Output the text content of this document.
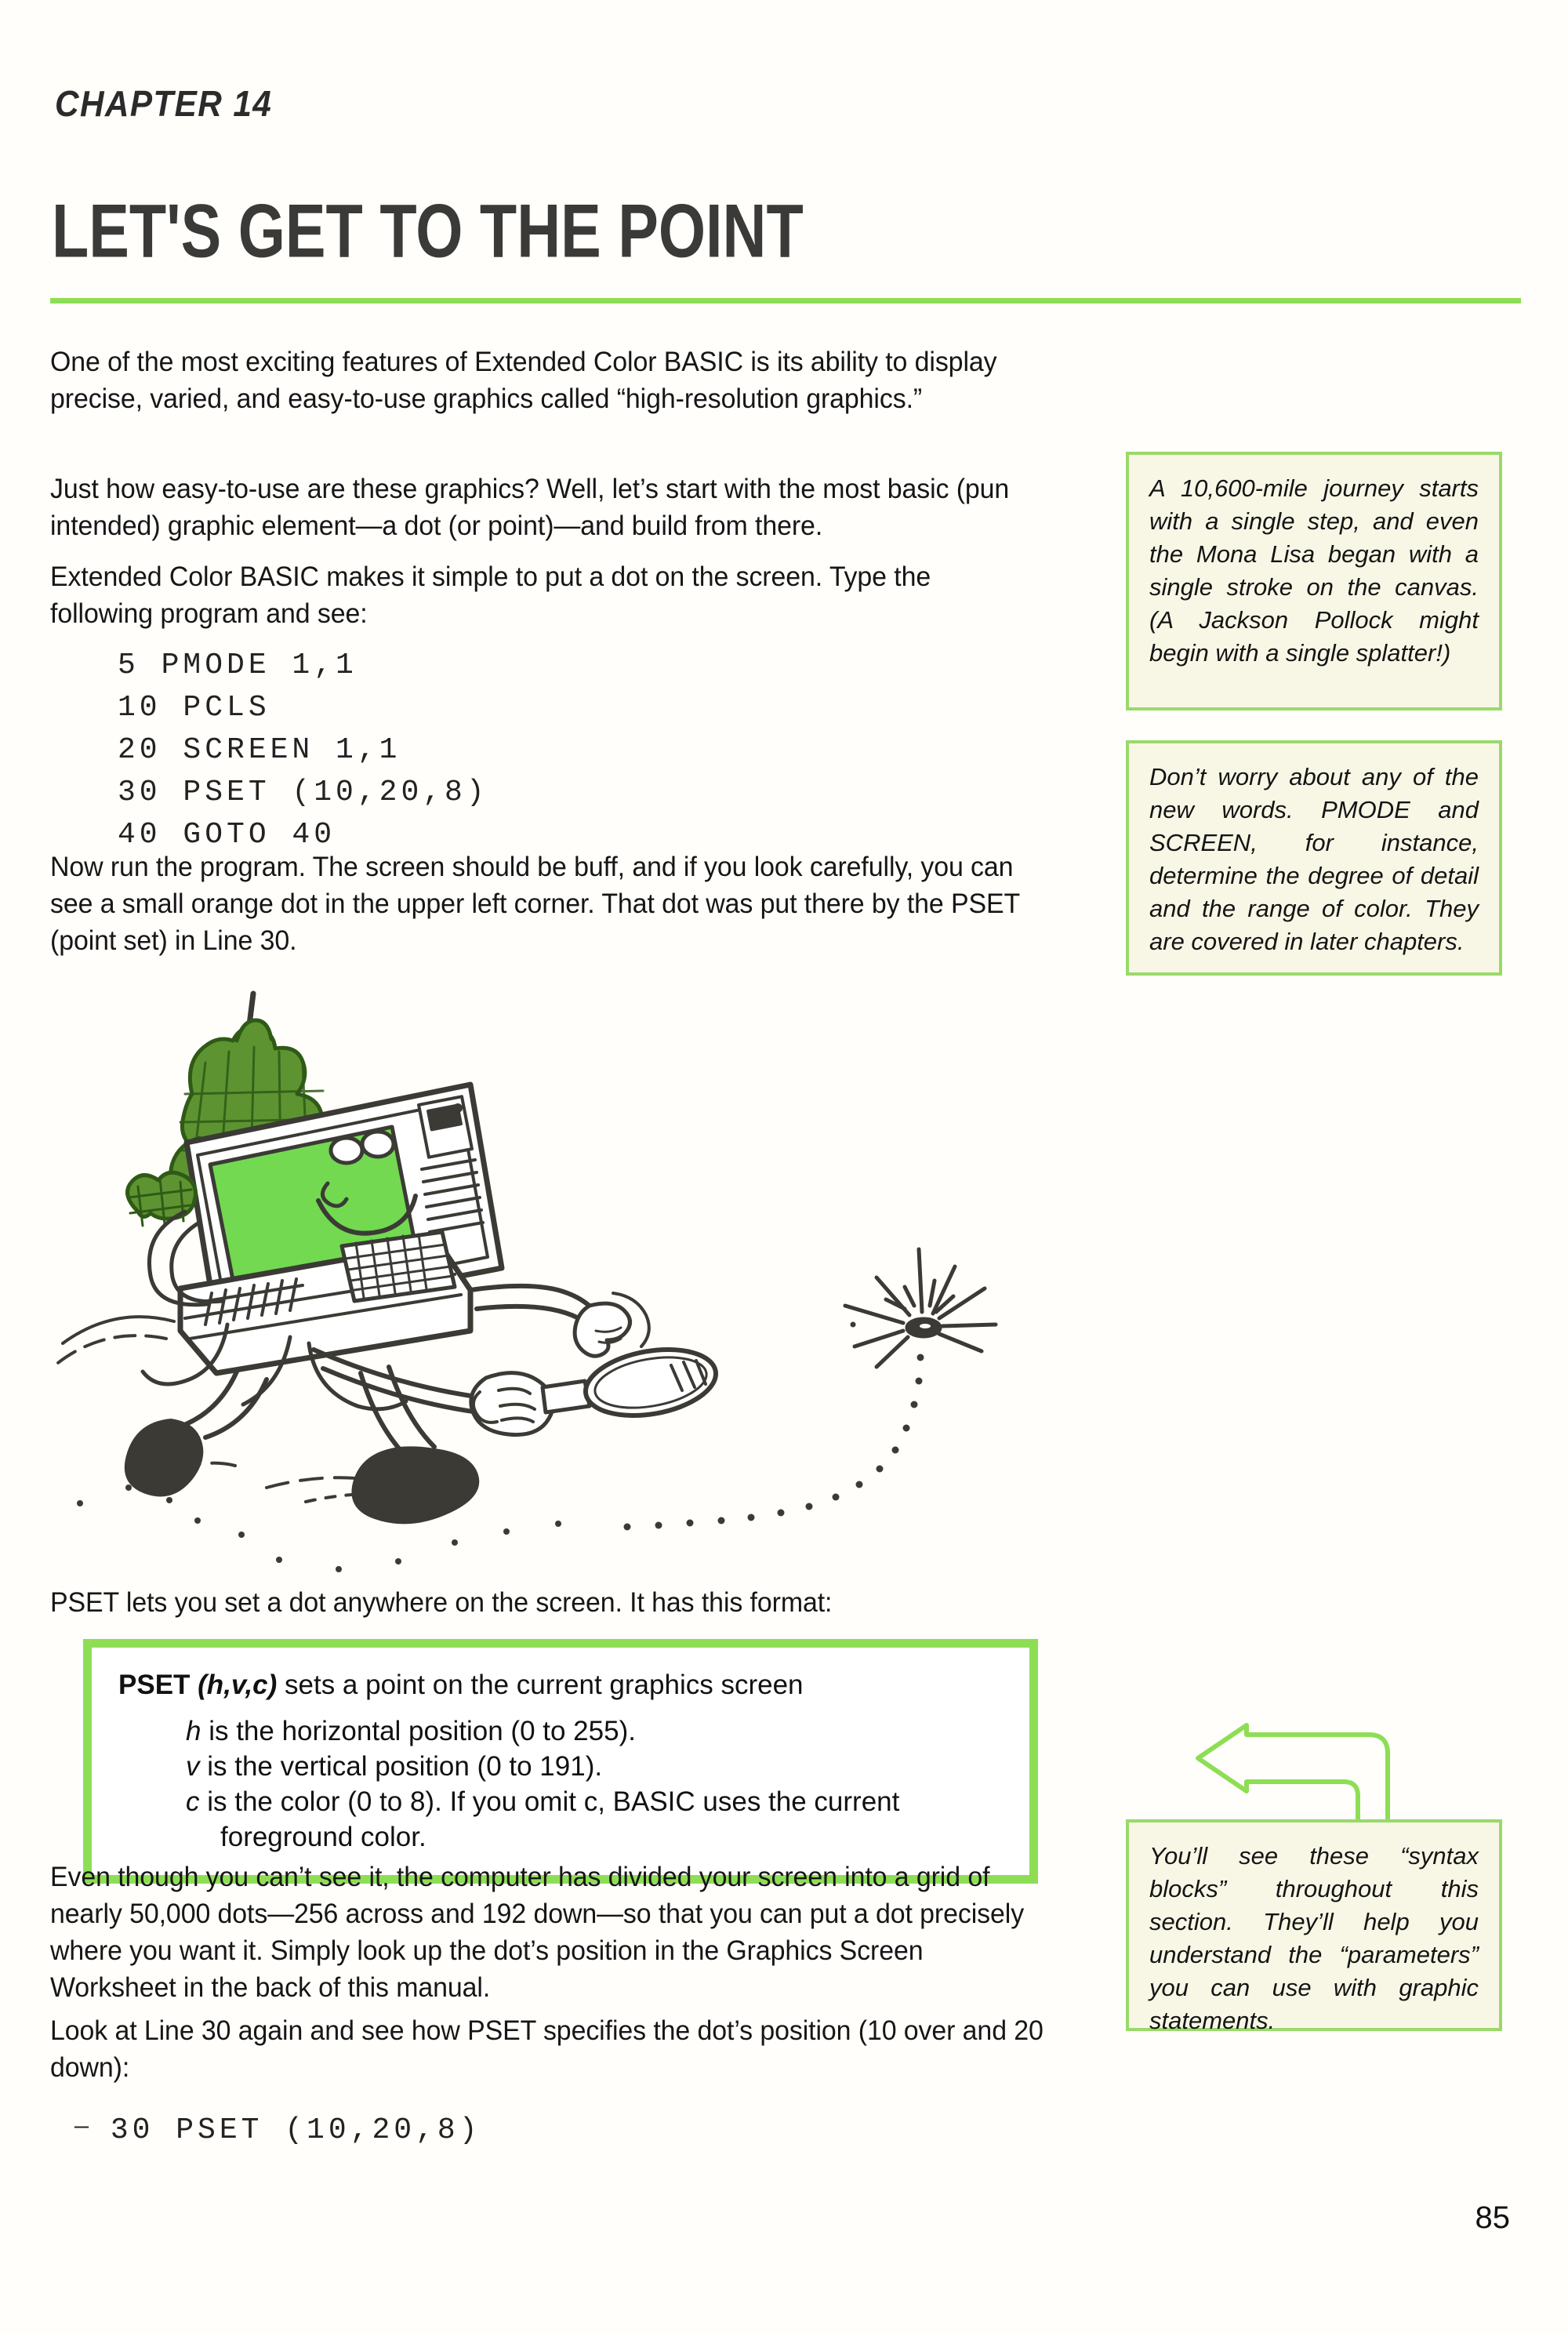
CHAPTER 14
LET'S GET TO THE POINT

One of the most exciting features of Extended Color BASIC is its ability to display precise, varied, and easy-to-use graphics called “high-resolution graphics.”

Just how easy-to-use are these graphics? Well, let’s start with the most basic (pun intended) graphic element—a dot (or point)—and build from there.

Extended Color BASIC makes it simple to put a dot on the screen. Type the following program and see:

5 PMODE 1,1
10 PCLS
20 SCREEN 1,1
30 PSET (10,20,8)
40 GOTO 40

Now run the program. The screen should be buff, and if you look carefully, you can see a small orange dot in the upper left corner. That dot was put there by the PSET (point set) in Line 30.

A 10,600-mile journey starts with a single step, and even the Mona Lisa began with a single stroke on the canvas. (A Jackson Pollock might begin with a single splatter!)

Don’t worry about any of the new words. PMODE and SCREEN, for instance, determine the degree of detail and the range of color. They are covered in later chapters.

PSET lets you set a dot anywhere on the screen. It has this format:

PSET (h,v,c) sets a point on the current graphics screen

h is the horizontal position (0 to 255).
v is the vertical position (0 to 191).
c is the color (0 to 8). If you omit c, BASIC uses the current
foreground color.

You’ll see these “syntax blocks” throughout this section. They’ll help you understand the “parameters” you can use with graphic statements.

Even though you can’t see it, the computer has divided your screen into a grid of nearly 50,000 dots—256 across and 192 down—so that you can put a dot precisely where you want it. Simply look up the dot’s position in the Graphics Screen Worksheet in the back of this manual.

Look at Line 30 again and see how PSET specifies the dot’s position (10 over and 20 down):

— 30 PSET (10,20,8)
85
